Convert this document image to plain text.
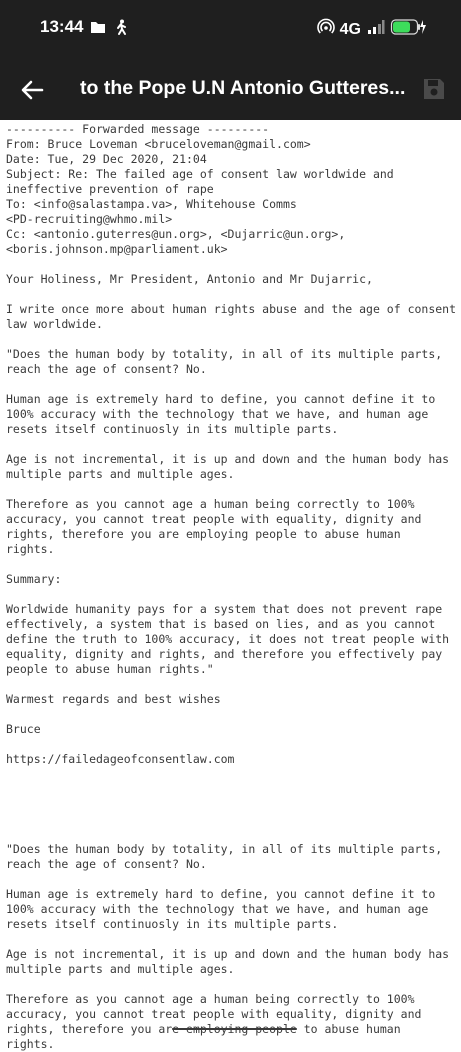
13:44	4G
to the Pope U.N Antonio Gutteres...
---------- Forwarded message ---------
From: Bruce Loveman <bruceloveman@gmail.com>
Date: Tue, 29 Dec 2020, 21:04
Subject: Re: The failed age of consent law worldwide and
ineffective prevention of rape
To: <info@salastampa.va>, Whitehouse Comms
<PD-recruiting@whmo.mil>
Cc: <antonio.guterres@un.org>, <Dujarric@un.org>,
<boris.johnson.mp@parliament.uk>
Your Holiness, Mr President, Antonio and Mr Dujarric,
I write once more about human rights abuse and the age of consent
law worldwide.
"Does the human body by totality, in all of its multiple parts,
reach the age of consent? No.
Human age is extremely hard to define, you cannot define it to
100% accuracy with the technology that we have, and human age
resets itself continuosly in its multiple parts.
Age is not incremental, it is up and down and the human body has
multiple parts and multiple ages.
Therefore as you cannot age a human being correctly to 100%
accuracy, you cannot treat people with equality, dignity and
rights, therefore you are employing people to abuse human
rights.
Summary:
Worldwide humanity pays for a system that does not prevent rape
effectively, a system that is based on lies, and as you cannot
define the truth to 100% accuracy, it does not treat people with
equality, dignity and rights, and therefore you effectively pay
people to abuse human rights."
Warmest regards and best wishes
Bruce
https://failedageofconsentlaw.com
"Does the human body by totality, in all of its multiple parts,
reach the age of consent? No.
Human age is extremely hard to define, you cannot define it to
100% accuracy with the technology that we have, and human age
resets itself continuosly in its multiple parts.
Age is not incremental, it is up and down and the human body has
multiple parts and multiple ages.
Therefore as you cannot age a human being correctly to 100%
accuracy, you cannot treat people with equality, dignity and
rights, therefore you are employing people to abuse human
rights.
